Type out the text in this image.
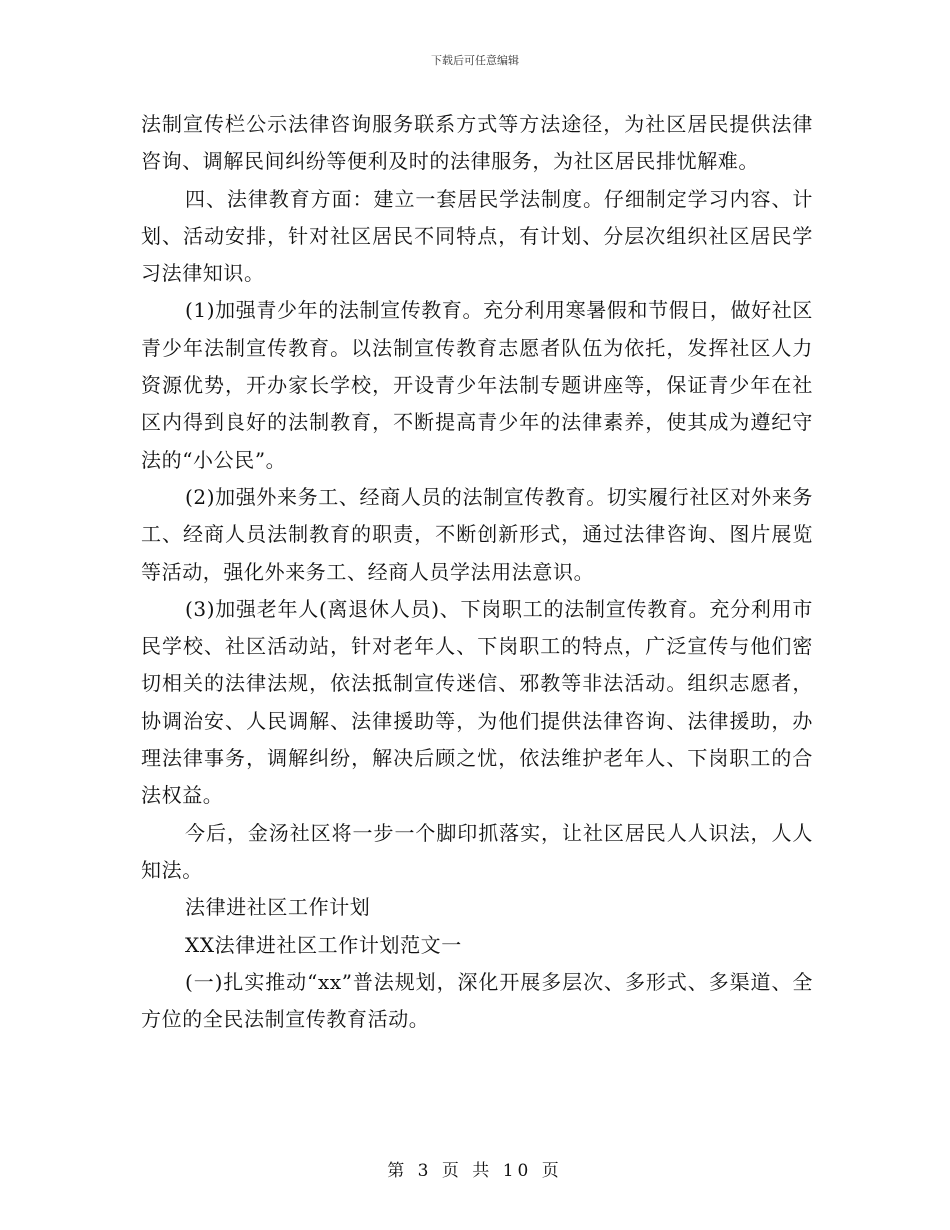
下载后可任意编辑

法制宣传栏公示法律咨询服务联系方式等方法途径，为社区居民提供法律咨询、调解民间纠纷等便利及时的法律服务，为社区居民排忧解难。

四、法律教育方面：建立一套居民学法制度。仔细制定学习内容、计划、活动安排，针对社区居民不同特点，有计划、分层次组织社区居民学习法律知识。

(1)加强青少年的法制宣传教育。充分利用寒暑假和节假日，做好社区青少年法制宣传教育。以法制宣传教育志愿者队伍为依托，发挥社区人力资源优势，开办家长学校，开设青少年法制专题讲座等，保证青少年在社区内得到良好的法制教育，不断提高青少年的法律素养，使其成为遵纪守法的“小公民”。

(2)加强外来务工、经商人员的法制宣传教育。切实履行社区对外来务工、经商人员法制教育的职责，不断创新形式，通过法律咨询、图片展览等活动，强化外来务工、经商人员学法用法意识。

(3)加强老年人(离退休人员)、下岗职工的法制宣传教育。充分利用市民学校、社区活动站，针对老年人、下岗职工的特点，广泛宣传与他们密切相关的法律法规，依法抵制宣传迷信、邪教等非法活动。组织志愿者，协调治安、人民调解、法律援助等，为他们提供法律咨询、法律援助，办理法律事务，调解纠纷，解决后顾之忧，依法维护老年人、下岗职工的合法权益。

今后，金汤社区将一步一个脚印抓落实，让社区居民人人识法，人人知法。

法律进社区工作计划

XX法律进社区工作计划范文一

(一)扎实推动“xx”普法规划，深化开展多层次、多形式、多渠道、全方位的全民法制宣传教育活动。

第 3 页 共 10 页
